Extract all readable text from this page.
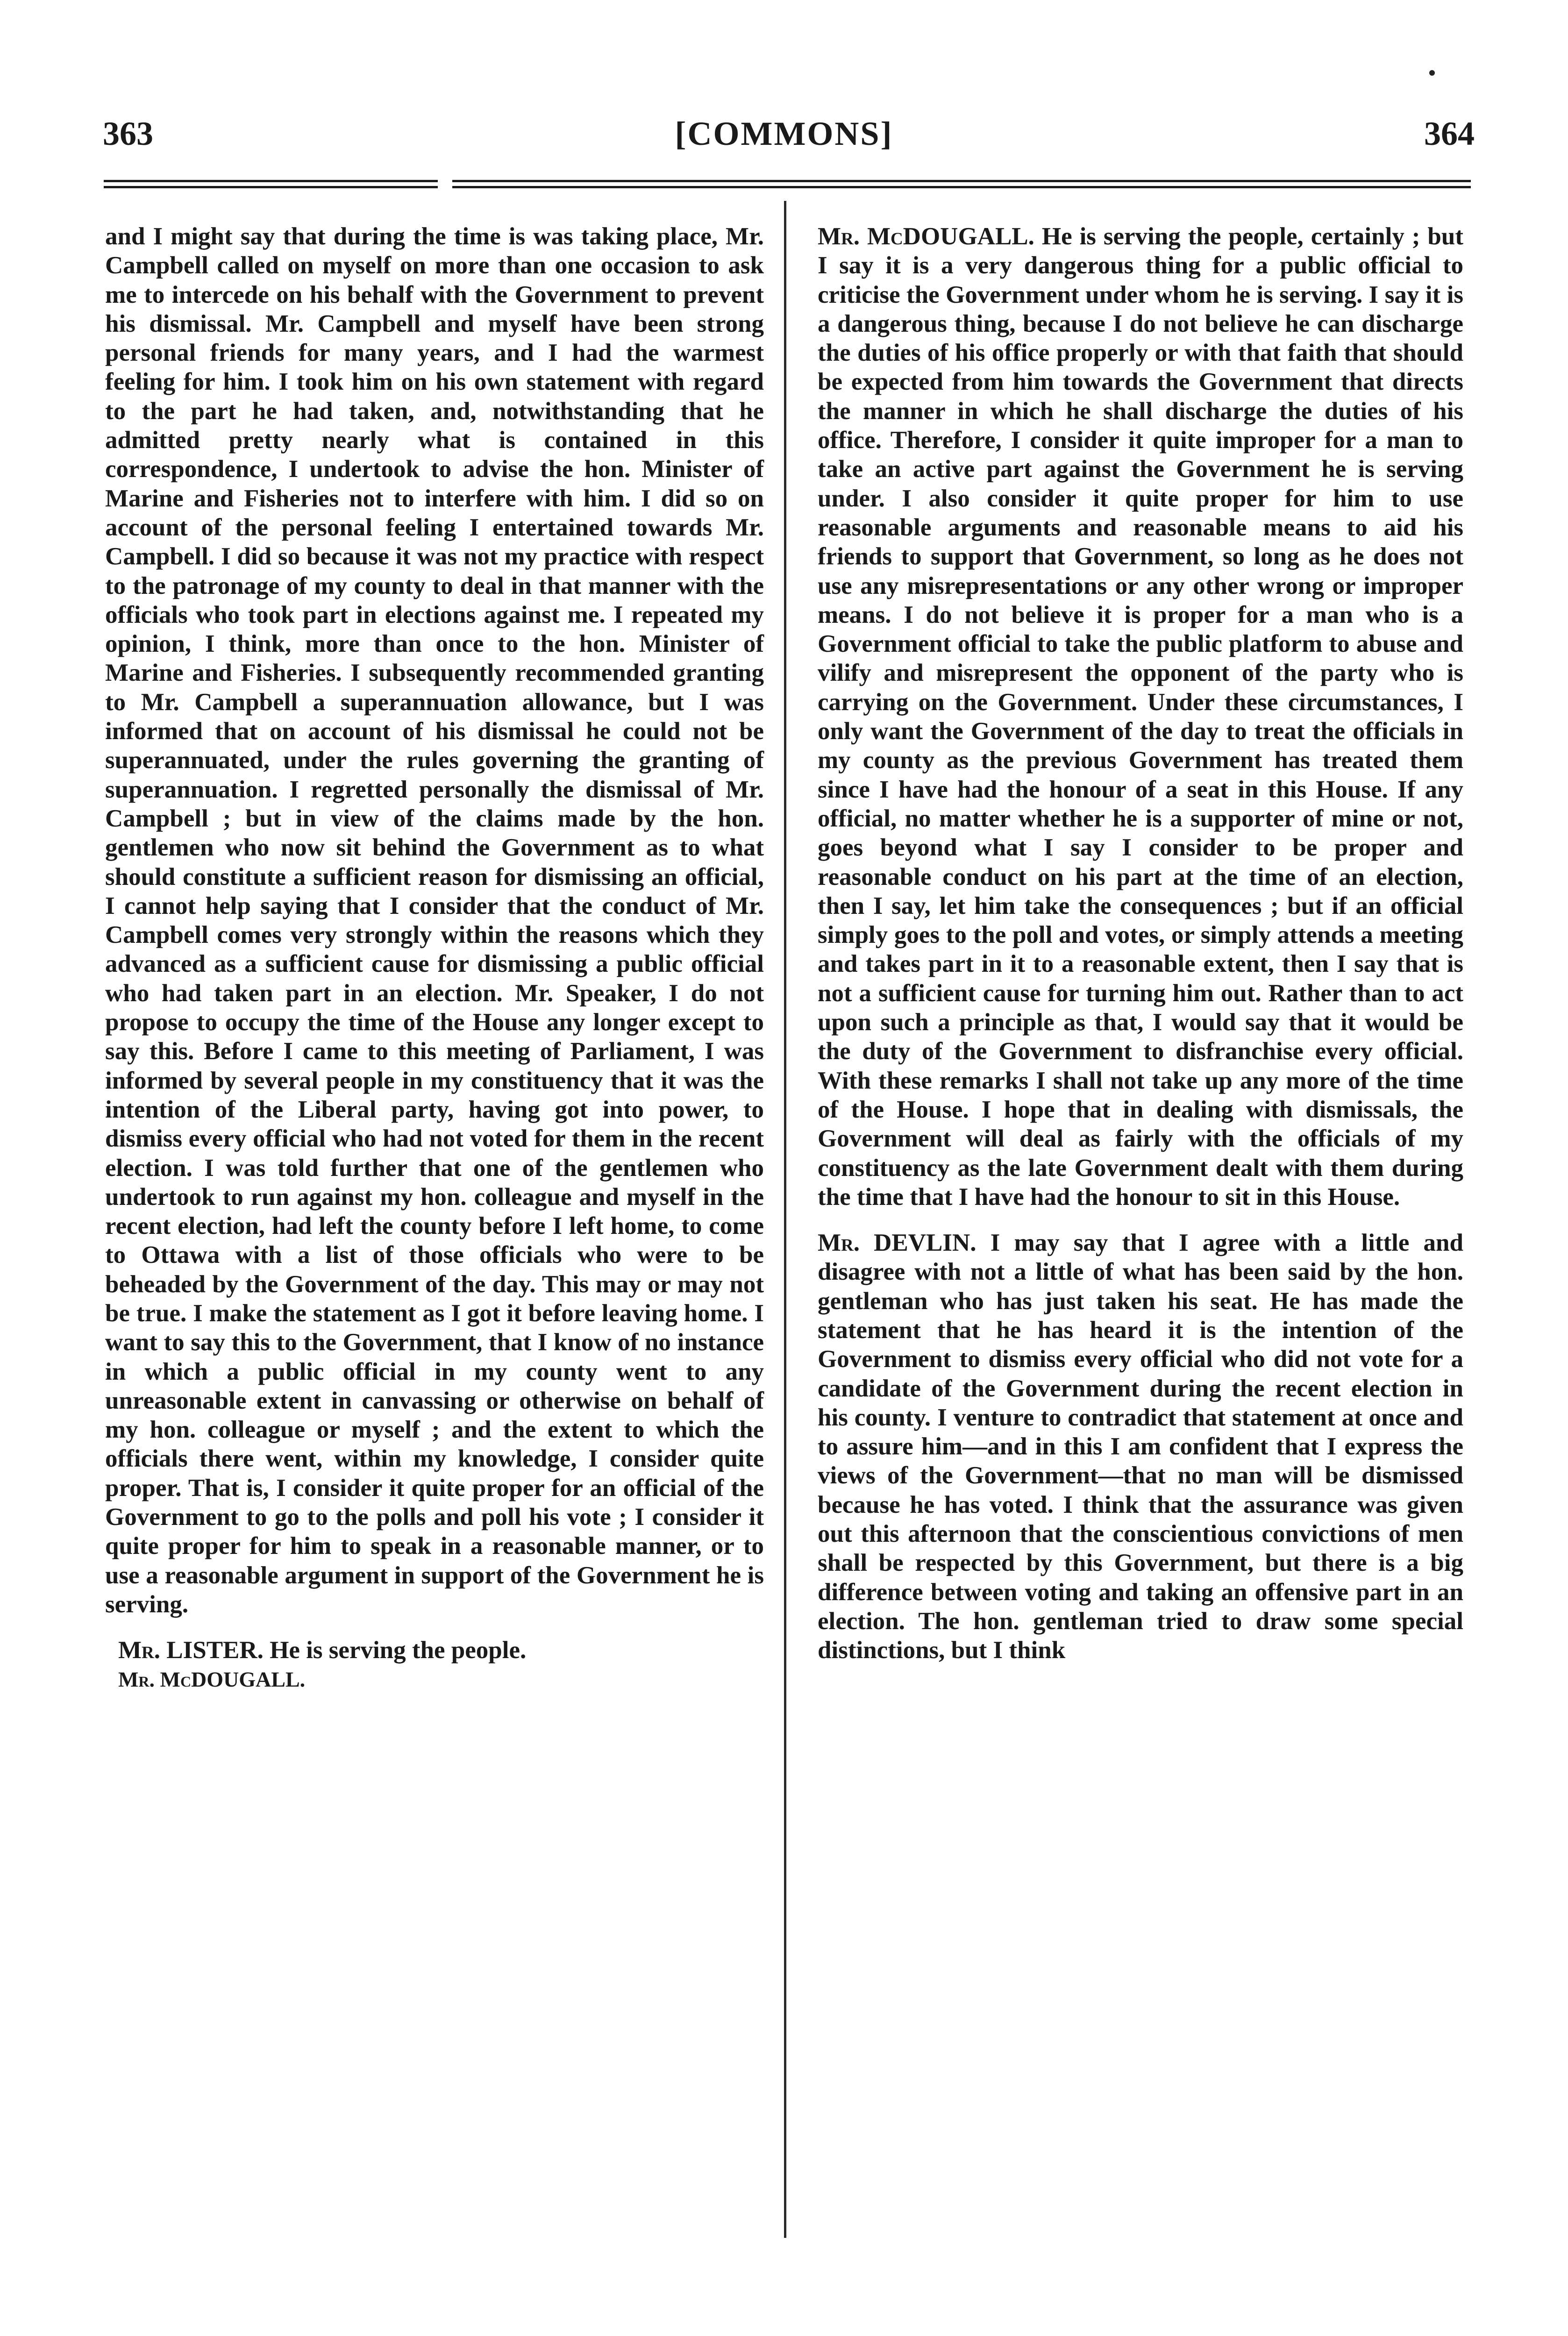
363	[COMMONS]	364

and I might say that during the time is was taking place, Mr. Campbell called on myself on more than one occasion to ask me to intercede on his behalf with the Government to prevent his dismissal. Mr. Campbell and myself have been strong personal friends for many years, and I had the warmest feeling for him. I took him on his own statement with regard to the part he had taken, and, notwithstanding that he admitted pretty nearly what is contained in this correspondence, I undertook to advise the hon. Minister of Marine and Fisheries not to interfere with him. I did so on account of the personal feeling I entertained towards Mr. Campbell. I did so because it was not my practice with respect to the patronage of my county to deal in that manner with the officials who took part in elections against me. I repeated my opinion, I think, more than once to the hon. Minister of Marine and Fisheries. I subsequently recommended granting to Mr. Campbell a superannuation allowance, but I was informed that on account of his dismissal he could not be superannuated, under the rules governing the granting of superannuation. I regretted personally the dismissal of Mr. Campbell ; but in view of the claims made by the hon. gentlemen who now sit behind the Government as to what should constitute a sufficient reason for dismissing an official, I cannot help saying that I consider that the conduct of Mr. Campbell comes very strongly within the reasons which they advanced as a sufficient cause for dismissing a public official who had taken part in an election. Mr. Speaker, I do not propose to occupy the time of the House any longer except to say this. Before I came to this meeting of Parliament, I was informed by several people in my constituency that it was the intention of the Liberal party, having got into power, to dismiss every official who had not voted for them in the recent election. I was told further that one of the gentlemen who undertook to run against my hon. colleague and myself in the recent election, had left the county before I left home, to come to Ottawa with a list of those officials who were to be beheaded by the Government of the day. This may or may not be true. I make the statement as I got it before leaving home. I want to say this to the Government, that I know of no instance in which a public official in my county went to any unreasonable extent in canvassing or otherwise on behalf of my hon. colleague or myself ; and the extent to which the officials there went, within my knowledge, I consider quite proper. That is, I consider it quite proper for an official of the Government to go to the polls and poll his vote ; I consider it quite proper for him to speak in a reasonable manner, or to use a reasonable argument in support of the Government he is serving.

Mr. LISTER. He is serving the people.

Mr. McDOUGALL.

Mr. McDOUGALL. He is serving the people, certainly ; but I say it is a very dangerous thing for a public official to criticise the Government under whom he is serving. I say it is a dangerous thing, because I do not believe he can discharge the duties of his office properly or with that faith that should be expected from him towards the Government that directs the manner in which he shall discharge the duties of his office. Therefore, I consider it quite improper for a man to take an active part against the Government he is serving under. I also consider it quite proper for him to use reasonable arguments and reasonable means to aid his friends to support that Government, so long as he does not use any misrepresentations or any other wrong or improper means. I do not believe it is proper for a man who is a Government official to take the public platform to abuse and vilify and misrepresent the opponent of the party who is carrying on the Government. Under these circumstances, I only want the Government of the day to treat the officials in my county as the previous Government has treated them since I have had the honour of a seat in this House. If any official, no matter whether he is a supporter of mine or not, goes beyond what I say I consider to be proper and reasonable conduct on his part at the time of an election, then I say, let him take the consequences ; but if an official simply goes to the poll and votes, or simply attends a meeting and takes part in it to a reasonable extent, then I say that is not a sufficient cause for turning him out. Rather than to act upon such a principle as that, I would say that it would be the duty of the Government to disfranchise every official. With these remarks I shall not take up any more of the time of the House. I hope that in dealing with dismissals, the Government will deal as fairly with the officials of my constituency as the late Government dealt with them during the time that I have had the honour to sit in this House.

Mr. DEVLIN. I may say that I agree with a little and disagree with not a little of what has been said by the hon. gentleman who has just taken his seat. He has made the statement that he has heard it is the intention of the Government to dismiss every official who did not vote for a candidate of the Government during the recent election in his county. I venture to contradict that statement at once and to assure him—and in this I am confident that I express the views of the Government—that no man will be dismissed because he has voted. I think that the assurance was given out this afternoon that the conscientious convictions of men shall be respected by this Government, but there is a big difference between voting and taking an offensive part in an election. The hon. gentleman tried to draw some special distinctions, but I think
